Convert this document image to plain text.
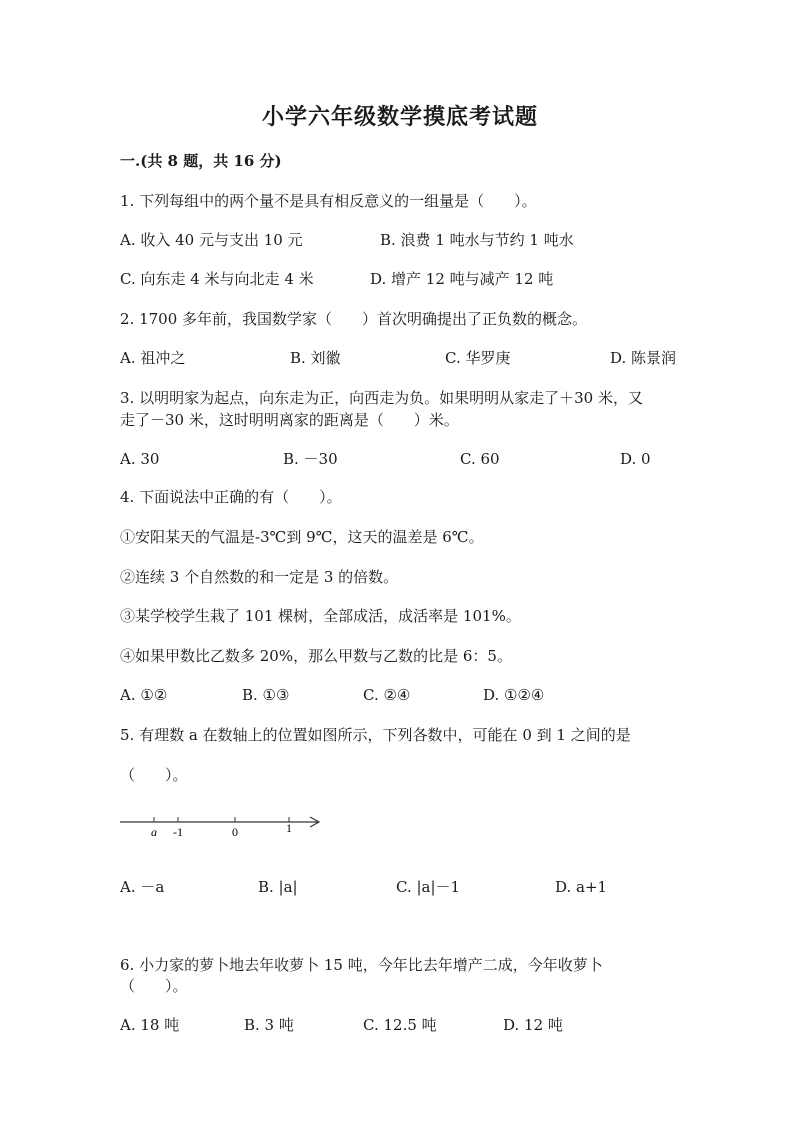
小学六年级数学摸底考试题
一.(共 8 题，共 16 分)
1. 下列每组中的两个量不是具有相反意义的一组量是（　　）。
A. 收入 40 元与支出 10 元	B. 浪费 1 吨水与节约 1 吨水
C. 向东走 4 米与向北走 4 米	D. 增产 12 吨与减产 12 吨
2. 1700 多年前，我国数学家（　　）首次明确提出了正负数的概念。
A. 祖冲之	B. 刘徽	C. 华罗庚	D. 陈景润
3. 以明明家为起点，向东走为正，向西走为负。如果明明从家走了＋30 米，又
走了－30 米，这时明明离家的距离是（　　）米。
A. 30	B. －30	C. 60	D. 0
4. 下面说法中正确的有（　　）。
①安阳某天的气温是-3℃到 9℃，这天的温差是 6℃。
②连续 3 个自然数的和一定是 3 的倍数。
③某学校学生栽了 101 棵树，全部成活，成活率是 101%。
④如果甲数比乙数多 20%，那么甲数与乙数的比是 6：5。
A. ①②	B. ①③	C. ②④	D. ①②④
5. 有理数 a 在数轴上的位置如图所示，下列各数中，可能在 0 到 1 之间的是
（　　）。
a -1	0	1
A. －a	B. |a|	C. |a|－1	D. a+1
6. 小力家的萝卜地去年收萝卜 15 吨，今年比去年增产二成，今年收萝卜
（　　）。
A. 18 吨	B. 3 吨	C. 12.5 吨	D. 12 吨
